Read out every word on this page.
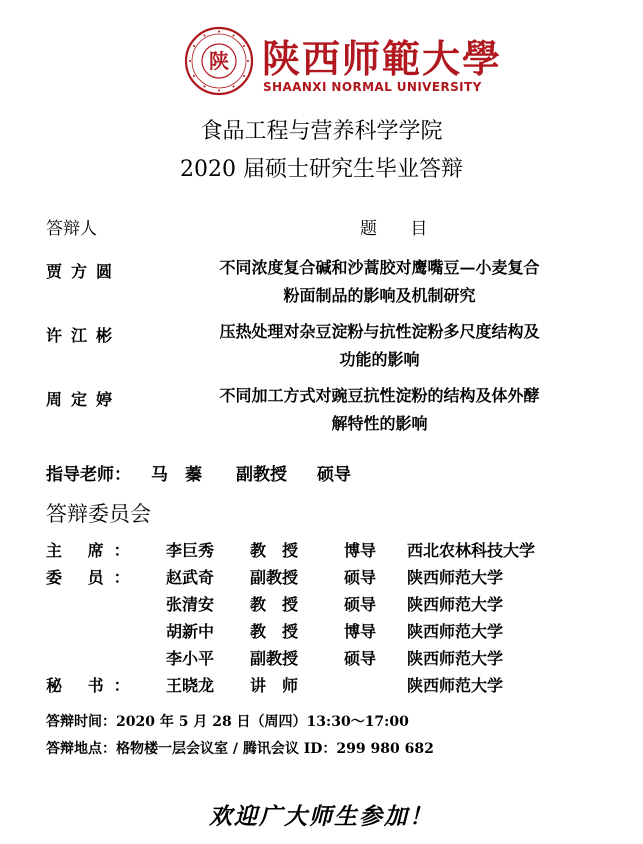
陕 陕西师範大學
SHAANXI NORMAL UNIVERSITY
食品工程与营养科学学院
2020 届硕士研究生毕业答辩
答辩人	题 目
贾方圆	不同浓度复合碱和沙蒿胶对鹰嘴豆—小麦复合
粉面制品的影响及机制研究
许江彬	压热处理对杂豆淀粉与抗性淀粉多尺度结构及
功能的影响
周定婷	不同加工方式对豌豆抗性淀粉的结构及体外酵
解特性的影响
指导老师： 马　蓁 副教授 硕导
答辩委员会
主 席： 李巨秀 教　授	博导 西北农林科技大学
委 员： 赵武奇 副教授	硕导 陕西师范大学
张清安 教　授	硕导 陕西师范大学
胡新中 教　授	博导 陕西师范大学
李小平 副教授	硕导 陕西师范大学
秘 书： 王晓龙 讲　师	陕西师范大学
答辩时间：2020 年 5 月 28 日（周四）13:30～17:00
答辩地点：格物楼一层会议室 / 腾讯会议 ID：299 980 682
欢迎广大师生参加！
